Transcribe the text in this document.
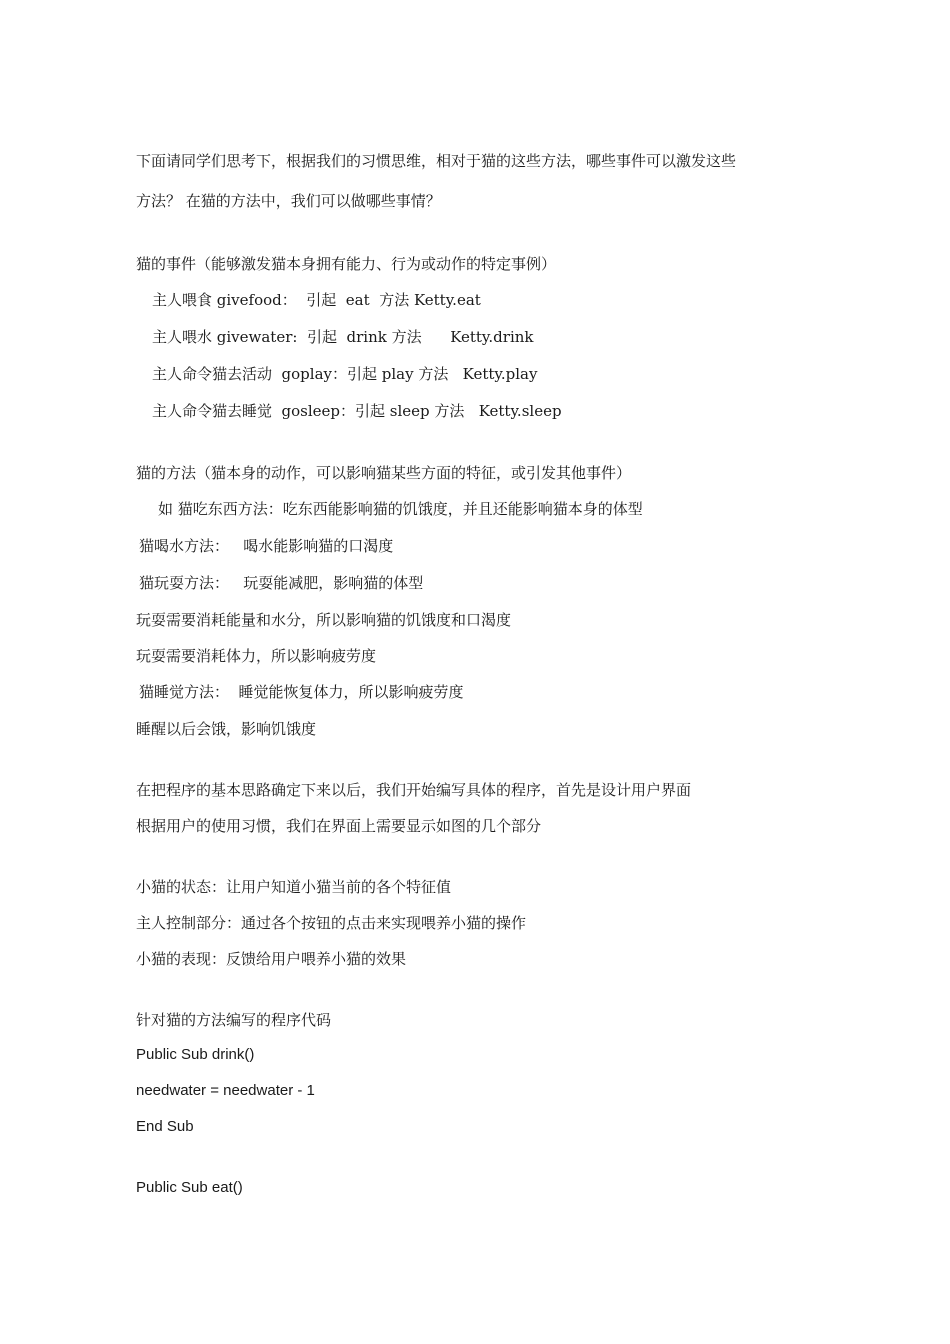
下面请同学们思考下，根据我们的习惯思维，相对于猫的这些方法，哪些事件可以激发这些
方法？ 在猫的方法中，我们可以做哪些事情？
猫的事件（能够激发猫本身拥有能力、行为或动作的特定事例）
主人喂食 givefood：  引起  eat  方法 Ketty.eat
主人喂水 givewater:  引起  drink 方法      Ketty.drink
主人命令猫去活动  goplay：引起 play 方法   Ketty.play
主人命令猫去睡觉  gosleep：引起 sleep 方法   Ketty.sleep
猫的方法（猫本身的动作，可以影响猫某些方面的特征，或引发其他事件）
如 猫吃东西方法：吃东西能影响猫的饥饿度，并且还能影响猫本身的体型
猫喝水方法：   喝水能影响猫的口渴度
猫玩耍方法：   玩耍能减肥，影响猫的体型
玩耍需要消耗能量和水分，所以影响猫的饥饿度和口渴度
玩耍需要消耗体力，所以影响疲劳度
猫睡觉方法：  睡觉能恢复体力，所以影响疲劳度
睡醒以后会饿，影响饥饿度
在把程序的基本思路确定下来以后，我们开始编写具体的程序，首先是设计用户界面
根据用户的使用习惯，我们在界面上需要显示如图的几个部分
小猫的状态：让用户知道小猫当前的各个特征值
主人控制部分：通过各个按钮的点击来实现喂养小猫的操作
小猫的表现：反馈给用户喂养小猫的效果
针对猫的方法编写的程序代码
Public Sub drink()
needwater = needwater - 1
End Sub
Public Sub eat()
